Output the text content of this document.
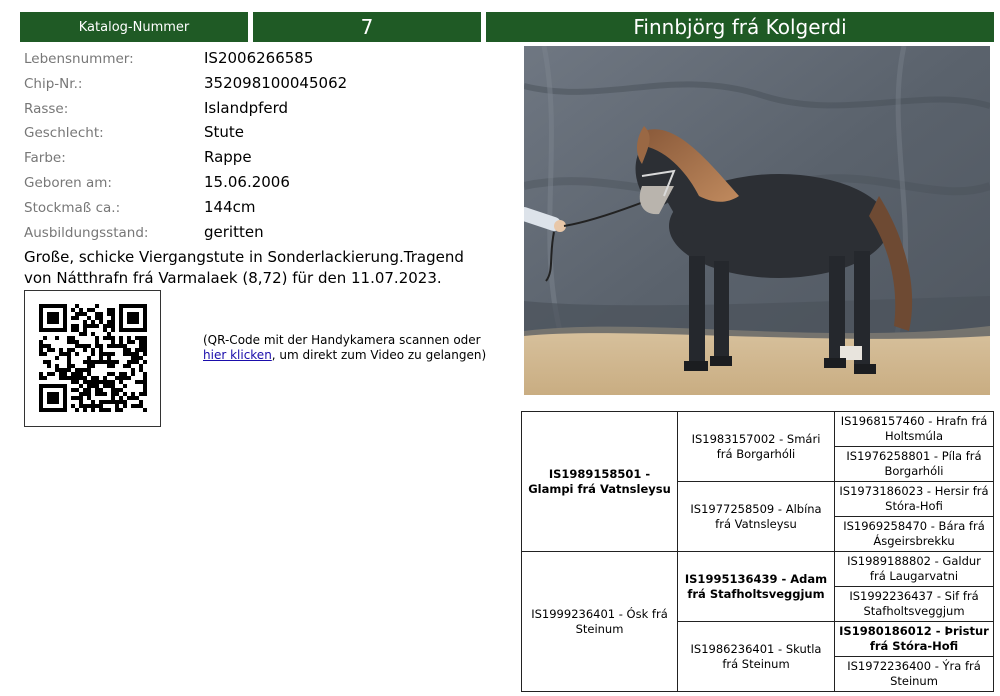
Katalog-Nummer	7	Finnbjörg frá Kolgerdi
Lebensnummer:	IS2006266585
Chip-Nr.:	352098100045062
Rasse:	Islandpferd
Geschlecht:	Stute
Farbe:	Rappe
Geboren am:	15.06.2006
Stockmaß ca.:	144cm
Ausbildungsstand:	geritten
Große, schicke Viergangstute in Sonderlackierung.Tragend von Nátthrafn frá Varmalaek (8,72) für den 11.07.2023.
(QR-Code mit der Handykamera scannen oder hier klicken, um direkt zum Video zu gelangen)
IS1989158501 - Glampi frá Vatnsleysu	IS1983157002 - Smári frá Borgarhóli	IS1968157460 - Hrafn frá Holtsmúla
		IS1976258801 - Píla frá Borgarhóli
	IS1977258509 - Albína frá Vatnsleysu	IS1973186023 - Hersir frá Stóra-Hofi
		IS1969258470 - Bára frá Ásgeirsbrekku
IS1999236401 - Ósk frá Steinum	IS1995136439 - Adam frá Stafholtsveggjum	IS1989188802 - Galdur frá Laugarvatni
		IS1992236437 - Sif frá Stafholtsveggjum
	IS1986236401 - Skutla frá Steinum	IS1980186012 - Þristur frá Stóra-Hofi
		IS1972236400 - Ýra frá Steinum
